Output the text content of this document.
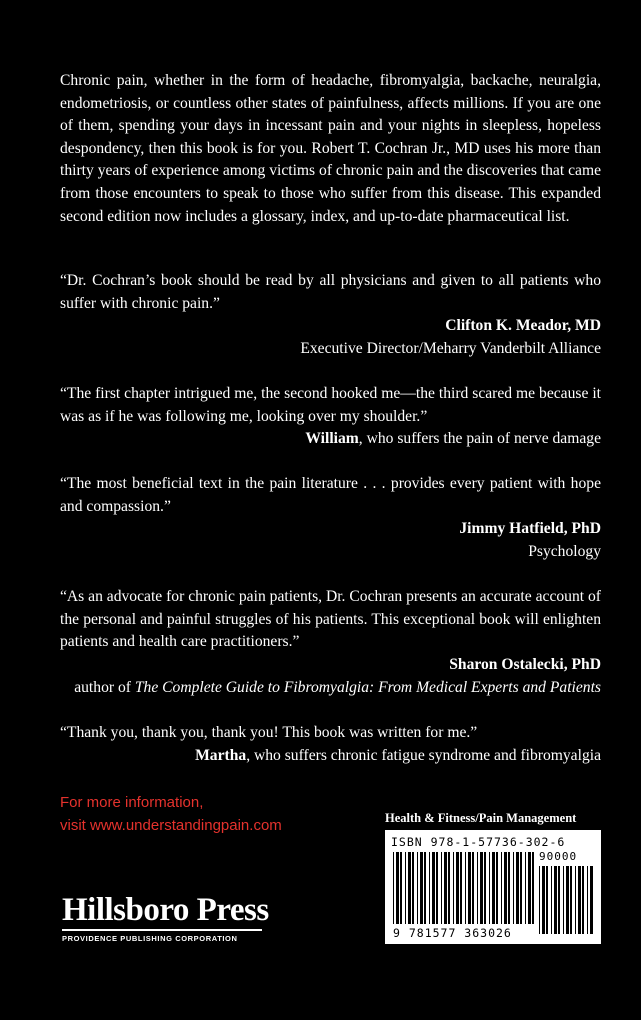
Chronic pain, whether in the form of headache, fibromyalgia, backache, neuralgia, endometriosis, or countless other states of painfulness, affects millions. If you are one of them, spending your days in incessant pain and your nights in sleepless, hopeless despondency, then this book is for you. Robert T. Cochran Jr., MD uses his more than thirty years of experience among victims of chronic pain and the discoveries that came from those encounters to speak to those who suffer from this disease. This expanded second edition now includes a glossary, index, and up-to-date pharmaceutical list.

“Dr. Cochran’s book should be read by all physicians and given to all patients who suffer with chronic pain.”

Clifton K. Meador, MD
Executive Director/Meharry Vanderbilt Alliance

“The first chapter intrigued me, the second hooked me—the third scared me because it was as if he was following me, looking over my shoulder.”

William, who suffers the pain of nerve damage

“The most beneficial text in the pain literature . . . provides every patient with hope and compassion.”

Jimmy Hatfield, PhD
Psychology

“As an advocate for chronic pain patients, Dr. Cochran presents an accurate account of the personal and painful struggles of his patients. This exceptional book will enlighten patients and health care practitioners.”

Sharon Ostalecki, PhD
author of The Complete Guide to Fibromyalgia: From Medical Experts and Patients

“Thank you, thank you, thank you! This book was written for me.”

Martha, who suffers chronic fatigue syndrome and fibromyalgia
For more information,
visit www.understandingpain.com	Health & Fitness/Pain Management
ISBN 978-1-57736-302-6
90000
9 781577 363026
Hillsboro Press
PROVIDENCE PUBLISHING CORPORATION
